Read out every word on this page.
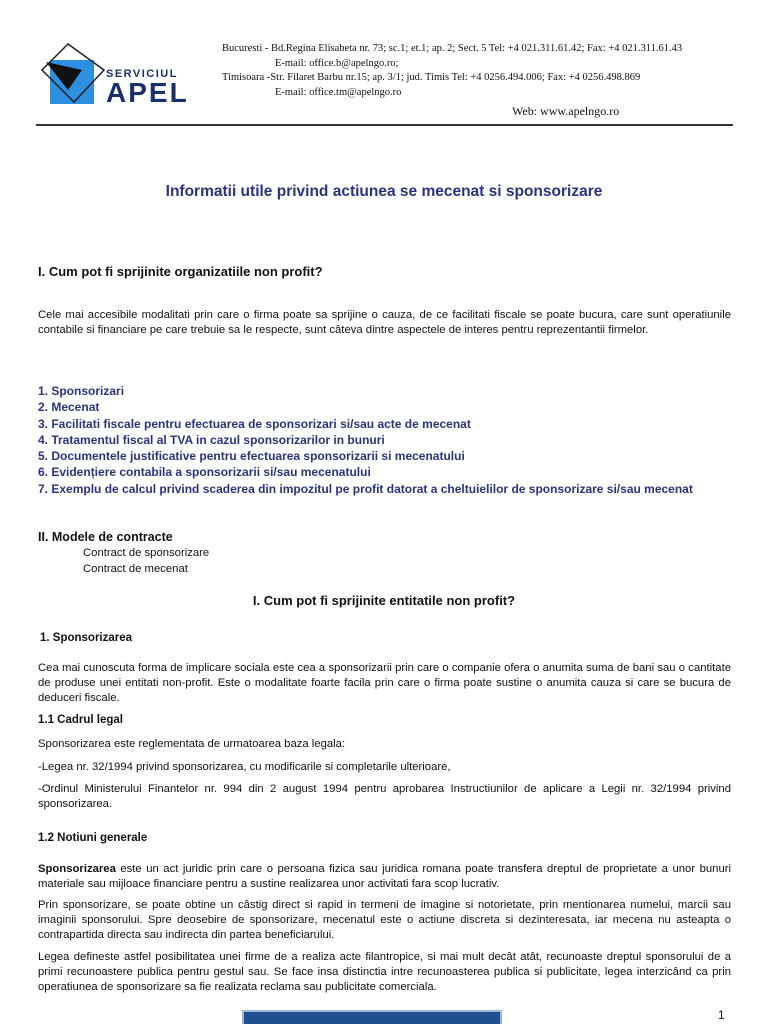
SERVICIUL
APEL
Bucuresti - Bd.Regina Elisabeta nr. 73; sc.1; et.1; ap. 2; Sect. 5 Tel: +4 021.311.61.42; Fax: +4 021.311.61.43
E-mail: office.b@apelngo.ro;
Timisoara -Str. Filaret Barbu nr.15; ap. 3/1; jud. Timis Tel: +4 0256.494.006; Fax: +4 0256.498.869
E-mail: office.tm@apelngo.ro
Web: www.apelngo.ro
Informatii utile privind actiunea se mecenat si sponsorizare
I. Cum pot fi sprijinite organizatiile non profit?
Cele mai accesibile modalitati prin care o firma poate sa sprijine o cauza, de ce facilitati fiscale se poate bucura, care sunt operatiunile contabile si financiare pe care trebuie sa le respecte, sunt câteva dintre aspectele de interes pentru reprezentantii firmelor.
1. Sponsorizari
2. Mecenat
3. Facilitati fiscale pentru efectuarea de sponsorizari si/sau acte de mecenat
4. Tratamentul fiscal al TVA in cazul sponsorizarilor in bunuri
5. Documentele justificative pentru efectuarea sponsorizarii si mecenatului
6. Evidențiere contabila a sponsorizarii si/sau mecenatului
7. Exemplu de calcul privind scaderea din impozitul pe profit datorat a cheltuielilor de sponsorizare si/sau mecenat
II. Modele de contracte
Contract de sponsorizare
Contract de mecenat
I. Cum pot fi sprijinite entitatile non profit?
1. Sponsorizarea
Cea mai cunoscuta forma de implicare sociala este cea a sponsorizarii prin care o companie ofera o anumita suma de bani sau o cantitate de produse unei entitati non-profit. Este o modalitate foarte facila prin care o firma poate sustine o anumita cauza si care se bucura de deduceri fiscale.
1.1 Cadrul legal
Sponsorizarea este reglementata de urmatoarea baza legala:
-Legea nr. 32/1994 privind sponsorizarea, cu modificarile si completarile ulterioare,
-Ordinul Ministerului Finantelor nr. 994 din 2 august 1994 pentru aprobarea Instructiunilor de aplicare a Legii nr. 32/1994 privind sponsorizarea.
1.2 Notiuni generale
Sponsorizarea este un act juridic prin care o persoana fizica sau juridica romana poate transfera dreptul de proprietate a unor bunuri materiale sau mijloace financiare pentru a sustine realizarea unor activitati fara scop lucrativ.
Prin sponsorizare, se poate obtine un câstig direct si rapid in termeni de imagine si notorietate, prin mentionarea numelui, marcii sau imaginii sponsorului. Spre deosebire de sponsorizare, mecenatul este o actiune discreta si dezinteresata, iar mecena nu asteapta o contrapartida directa sau indirecta din partea beneficiarului.
Legea defineste astfel posibilitatea unei firme de a realiza acte filantropice, si mai mult decât atât, recunoaste dreptul sponsorului de a primi recunoastere publica pentru gestul sau. Se face insa distinctia intre recunoasterea publica si publicitate, legea interzicând ca prin operatiunea de sponsorizare sa fie realizata reclama sau publicitate comerciala.
1
